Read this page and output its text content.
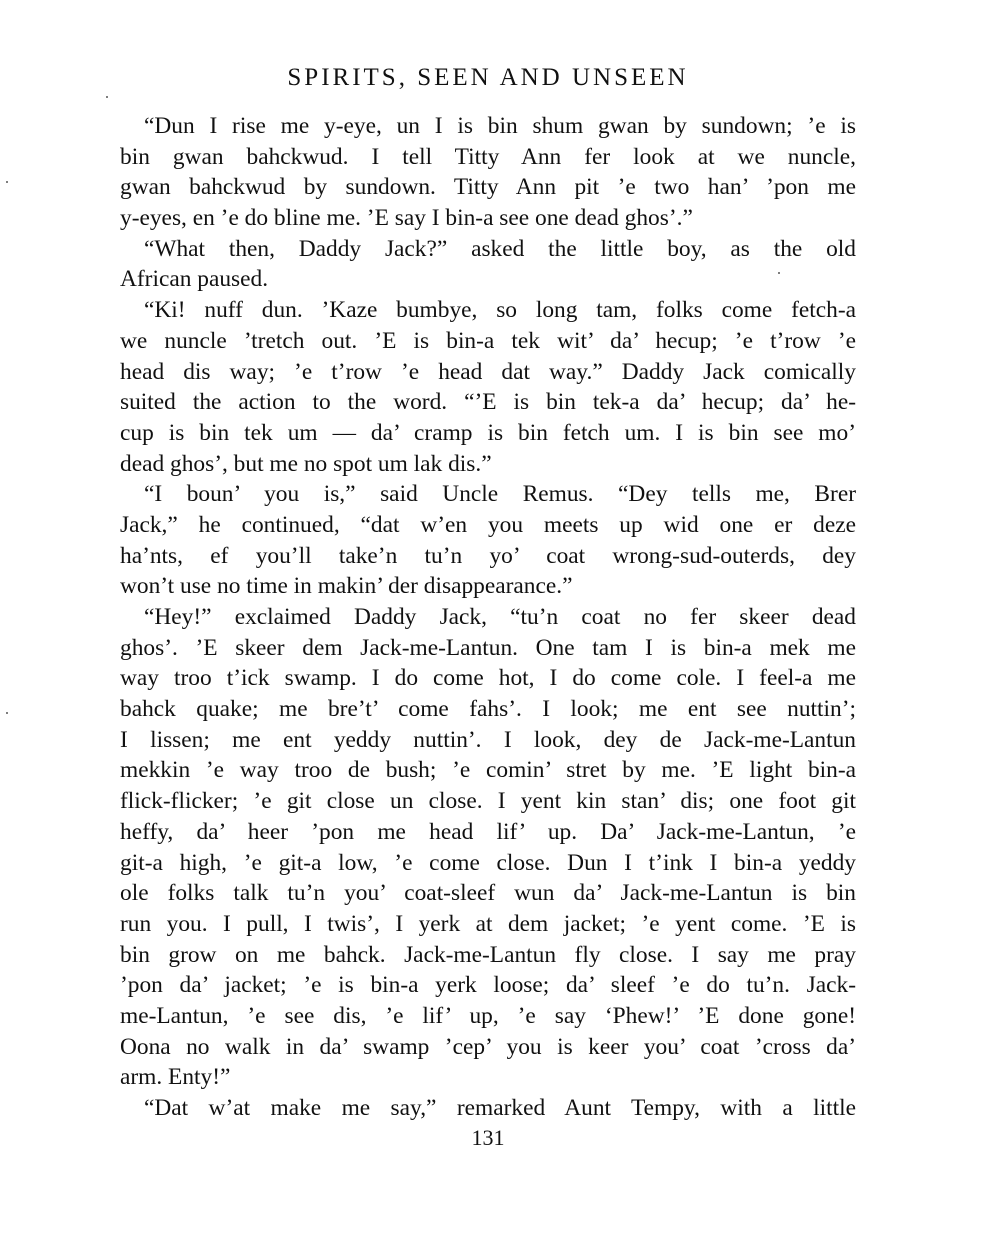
SPIRITS, SEEN AND UNSEEN
“Dun I rise me y-eye, un I is bin shum gwan by sundown; ’e is
bin gwan bahckwud. I tell Titty Ann fer look at we nuncle,
gwan bahckwud by sundown. Titty Ann pit ’e two han’ ’pon me
y-eyes, en ’e do bline me. ’E say I bin-a see one dead ghos’.”
“What then, Daddy Jack?” asked the little boy, as the old
African paused.
“Ki! nuff dun. ’Kaze bumbye, so long tam, folks come fetch-a
we nuncle ’tretch out. ’E is bin-a tek wit’ da’ hecup; ’e t’row ’e
head dis way; ’e t’row ’e head dat way.” Daddy Jack comically
suited the action to the word. “’E is bin tek-a da’ hecup; da’ he-
cup is bin tek um — da’ cramp is bin fetch um. I is bin see mo’
dead ghos’, but me no spot um lak dis.”
“I boun’ you is,” said Uncle Remus. “Dey tells me, Brer
Jack,” he continued, “dat w’en you meets up wid one er deze
ha’nts, ef you’ll take’n tu’n yo’ coat wrong-sud-outerds, dey
won’t use no time in makin’ der disappearance.”
“Hey!” exclaimed Daddy Jack, “tu’n coat no fer skeer dead
ghos’. ’E skeer dem Jack-me-Lantun. One tam I is bin-a mek me
way troo t’ick swamp. I do come hot, I do come cole. I feel-a me
bahck quake; me bre’t’ come fahs’. I look; me ent see nuttin’;
I lissen; me ent yeddy nuttin’. I look, dey de Jack-me-Lantun
mekkin ’e way troo de bush; ’e comin’ stret by me. ’E light bin-a
flick-flicker; ’e git close un close. I yent kin stan’ dis; one foot git
heffy, da’ heer ’pon me head lif’ up. Da’ Jack-me-Lantun, ’e
git-a high, ’e git-a low, ’e come close. Dun I t’ink I bin-a yeddy
ole folks talk tu’n you’ coat-sleef wun da’ Jack-me-Lantun is bin
run you. I pull, I twis’, I yerk at dem jacket; ’e yent come. ’E is
bin grow on me bahck. Jack-me-Lantun fly close. I say me pray
’pon da’ jacket; ’e is bin-a yerk loose; da’ sleef ’e do tu’n. Jack-
me-Lantun, ’e see dis, ’e lif’ up, ’e say ‘Phew!’ ’E done gone!
Oona no walk in da’ swamp ’cep’ you is keer you’ coat ’cross da’
arm. Enty!”
“Dat w’at make me say,” remarked Aunt Tempy, with a little
131
